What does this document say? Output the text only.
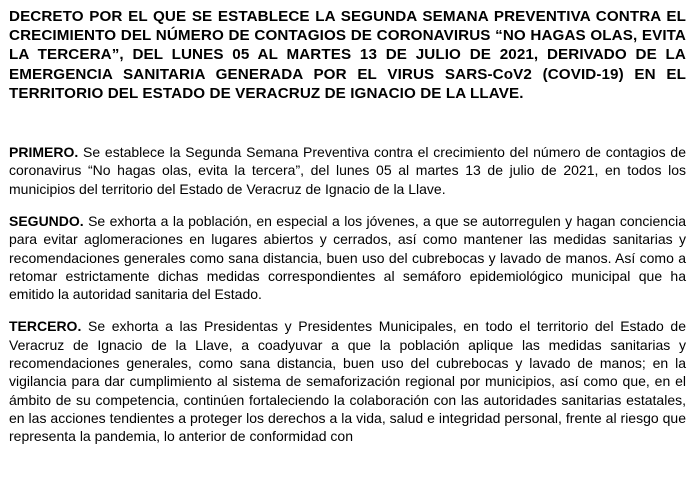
DECRETO POR EL QUE SE ESTABLECE LA SEGUNDA SEMANA PREVENTIVA CONTRA EL CRECIMIENTO DEL NÚMERO DE CONTAGIOS DE CORONAVIRUS “NO HAGAS OLAS, EVITA LA TERCERA”, DEL LUNES 05 AL MARTES 13 DE JULIO DE 2021, DERIVADO DE LA EMERGENCIA SANITARIA GENERADA POR EL VIRUS SARS-CoV2 (COVID-19) EN EL TERRITORIO DEL ESTADO DE VERACRUZ DE IGNACIO DE LA LLAVE.

PRIMERO. Se establece la Segunda Semana Preventiva contra el crecimiento del número de contagios de coronavirus “No hagas olas, evita la tercera”, del lunes 05 al martes 13 de julio de 2021, en todos los municipios del territorio del Estado de Veracruz de Ignacio de la Llave.

SEGUNDO. Se exhorta a la población, en especial a los jóvenes, a que se autorregulen y hagan conciencia para evitar aglomeraciones en lugares abiertos y cerrados, así como mantener las medidas sanitarias y recomendaciones generales como sana distancia, buen uso del cubrebocas y lavado de manos. Así como a retomar estrictamente dichas medidas correspondientes al semáforo epidemiológico municipal que ha emitido la autoridad sanitaria del Estado.

TERCERO. Se exhorta a las Presidentas y Presidentes Municipales, en todo el territorio del Estado de Veracruz de Ignacio de la Llave, a coadyuvar a que la población aplique las medidas sanitarias y recomendaciones generales, como sana distancia, buen uso del cubrebocas y lavado de manos; en la vigilancia para dar cumplimiento al sistema de semaforización regional por municipios, así como que, en el ámbito de su competencia, continúen fortaleciendo la colaboración con las autoridades sanitarias estatales, en las acciones tendientes a proteger los derechos a la vida, salud e integridad personal, frente al riesgo que representa la pandemia, lo anterior de conformidad con
